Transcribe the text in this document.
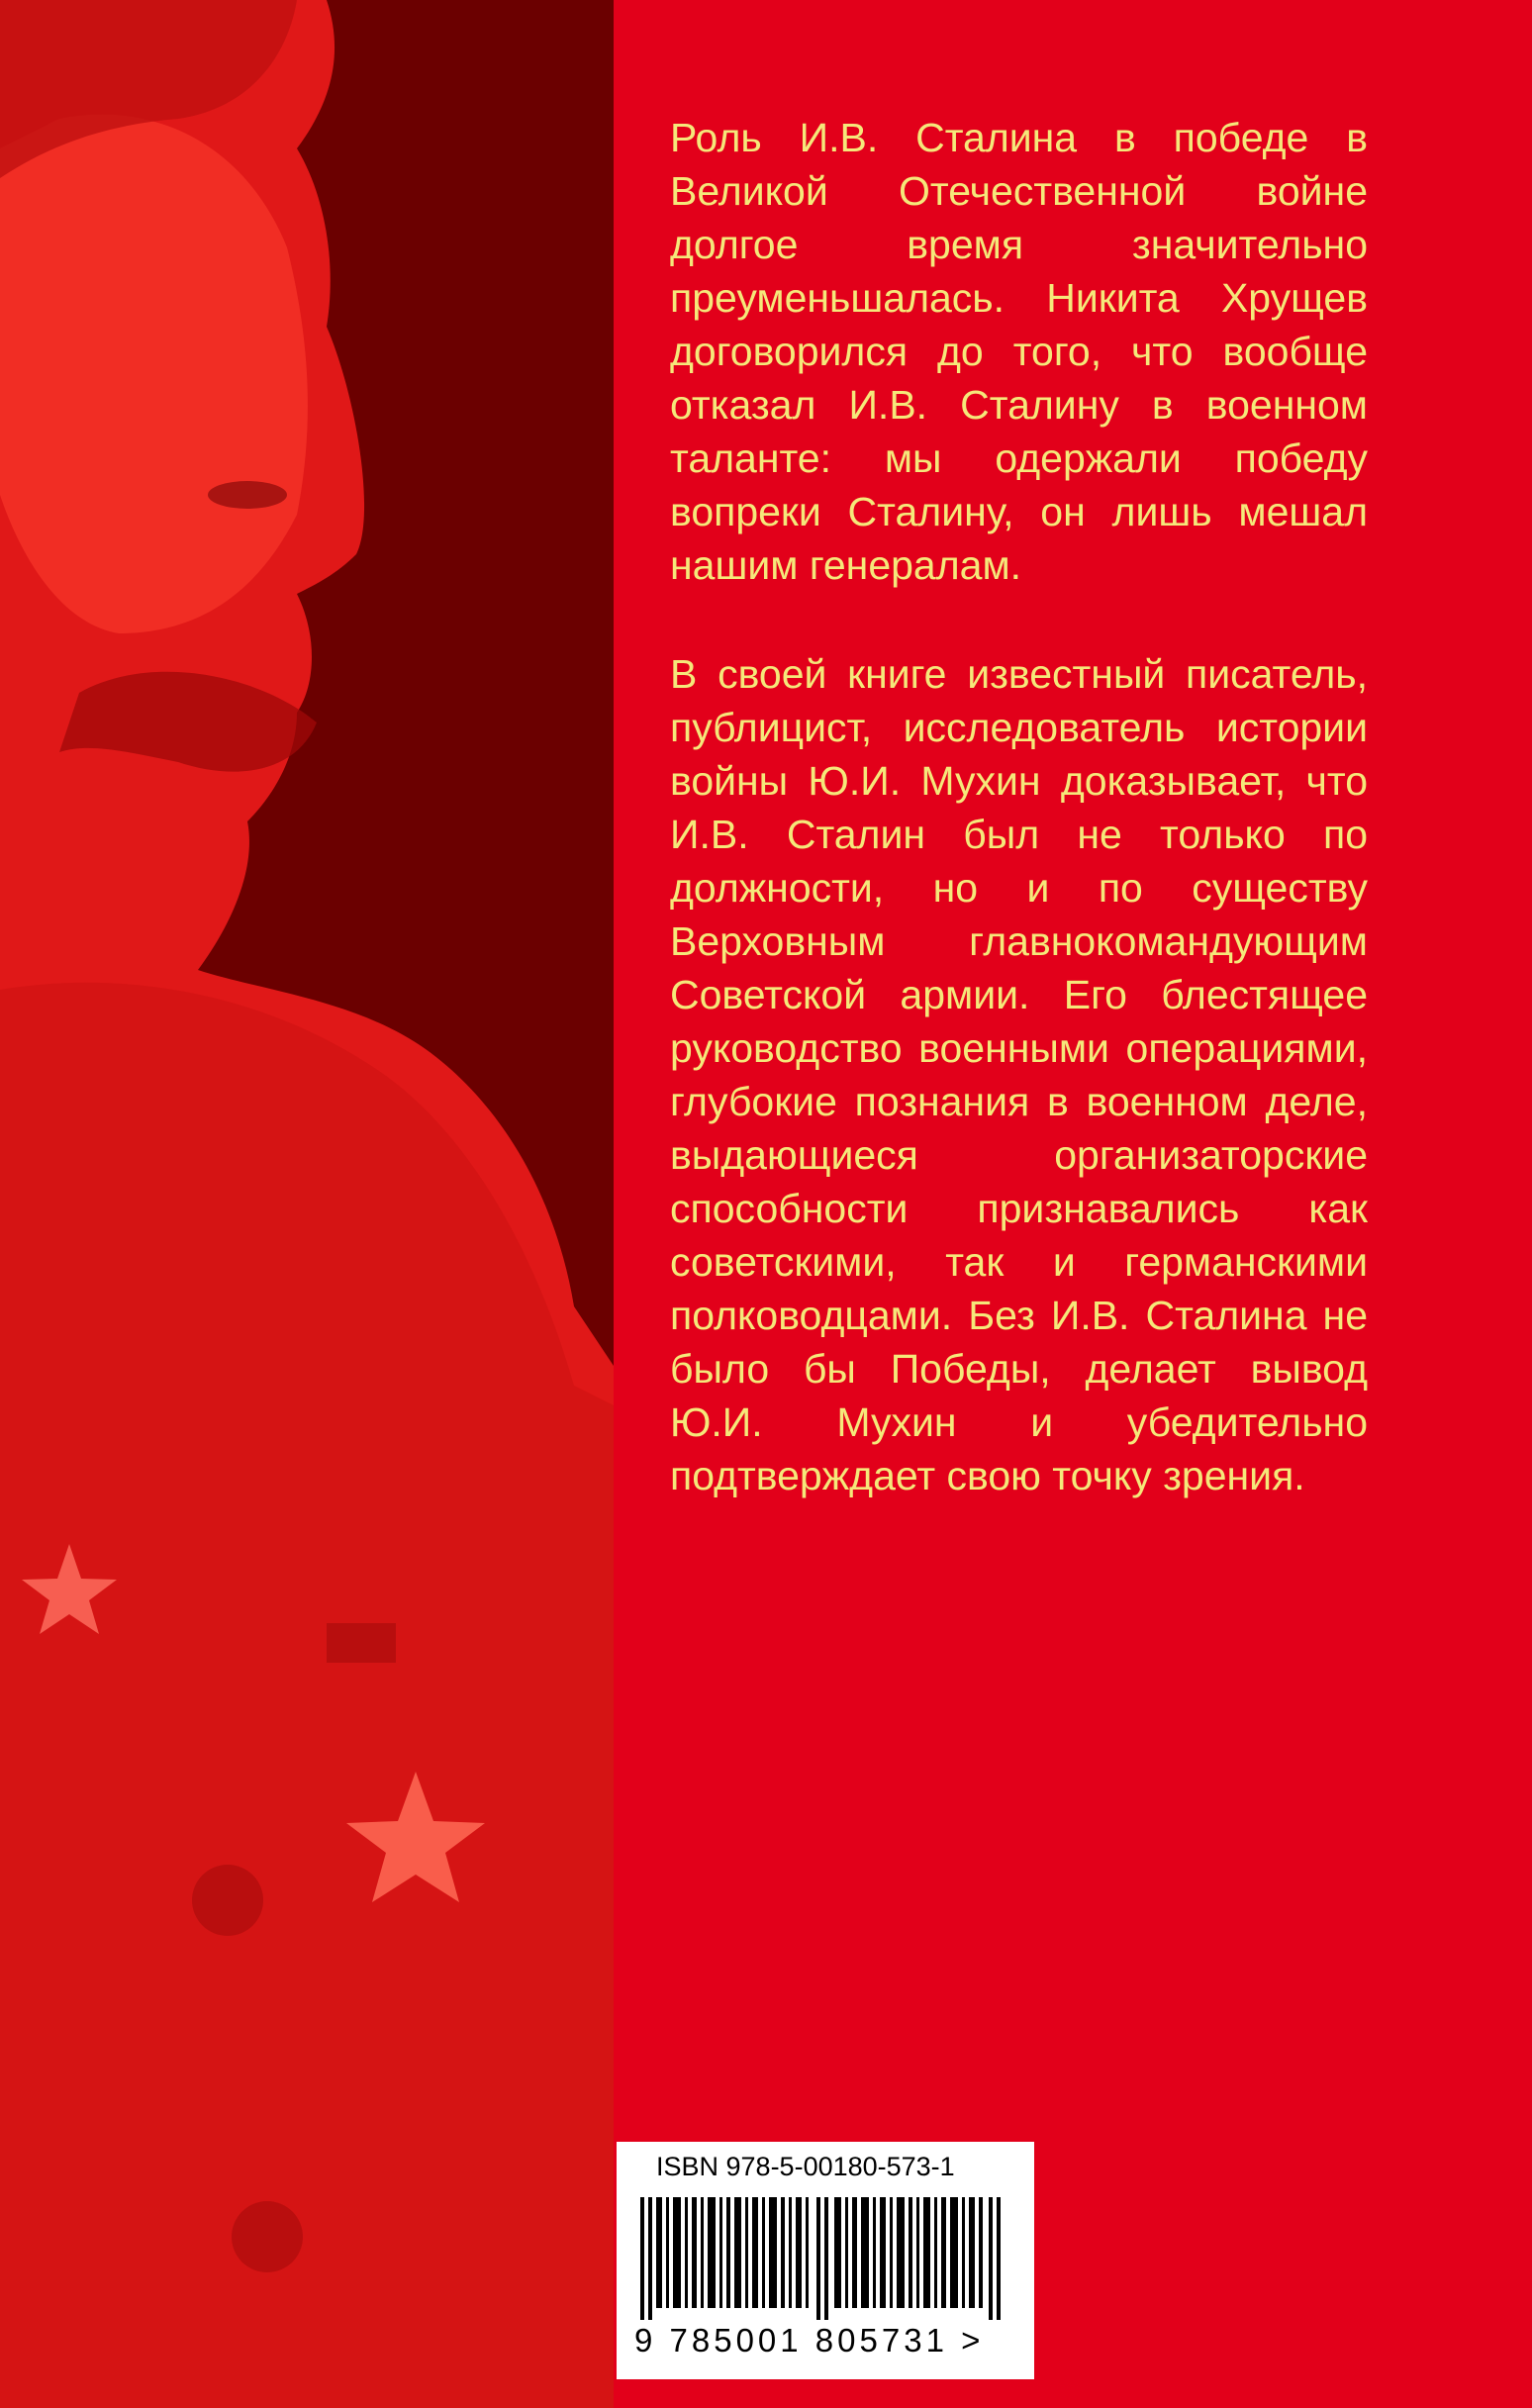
Роль И.В. Сталина в победе в Великой Отечественной войне долгое время значительно преуменьшалась. Никита Хрущев договорился до того, что вообще отказал И.В. Сталину в военном таланте: мы одержали победу вопреки Сталину, он лишь мешал нашим генералам.

В своей книге известный писатель, публицист, исследователь истории войны Ю.И. Мухин доказывает, что И.В. Сталин был не только по должности, но и по существу Верховным главнокомандующим Советской армии. Его блестящее руководство военными операциями, глубокие познания в военном деле, выдающиеся организаторские способности признавались как советскими, так и германскими полководцами. Без И.В. Сталина не было бы Победы, делает вывод Ю.И. Мухин и убедительно подтверждает свою точку зрения.

ISBN 978-5-00180-573-1
9 785001 805731 >
